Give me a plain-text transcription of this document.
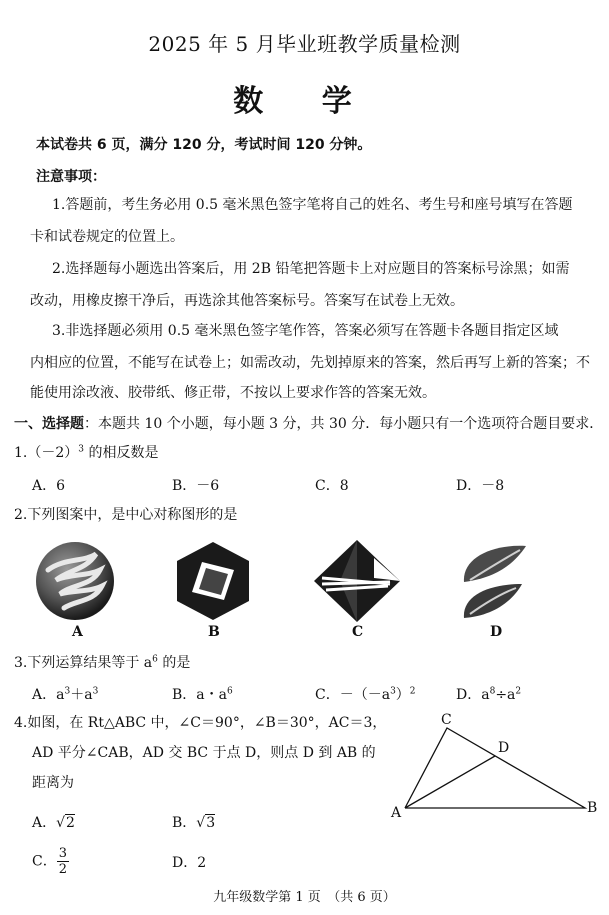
2025 年 5 月毕业班教学质量检测
数 学
本试卷共 6 页，满分 120 分，考试时间 120 分钟。
注意事项：
1.答题前，考生务必用 0.5 毫米黑色签字笔将自己的姓名、考生号和座号填写在答题
卡和试卷规定的位置上。
2.选择题每小题选出答案后，用 2B 铅笔把答题卡上对应题目的答案标号涂黑；如需
改动，用橡皮擦干净后，再选涂其他答案标号。答案写在试卷上无效。
3.非选择题必须用 0.5 毫米黑色签字笔作答，答案必须写在答题卡各题目指定区域
内相应的位置，不能写在试卷上；如需改动，先划掉原来的答案，然后再写上新的答案；不
能使用涂改液、胶带纸、修正带，不按以上要求作答的答案无效。
一、选择题：本题共 10 个小题，每小题 3 分，共 30 分．每小题只有一个选项符合题目要求．
$1.(-2)^3$ 的相反数是
A．6	B．－6	C．8	D．－8
2.下列图案中，是中心对称图形的是
A	B	C	D
3.下列运算结果等于 $a^6$ 的是
A．$a^3+a^3$	B．a・$a^6$	C．$-(-a^3)^2$	D．$a^8\div a^2$
4.如图，在 Rt△ABC 中，∠C＝90°，∠B＝30°，AC＝3，
AD 平分∠CAB，AD 交 BC 于点 D，则点 D 到 AB 的
距离为
A．√2	B．√3
C． $\frac{3}{2}$	D．2
C
D
A	B
九年级数学第 1 页　（共 6 页）
